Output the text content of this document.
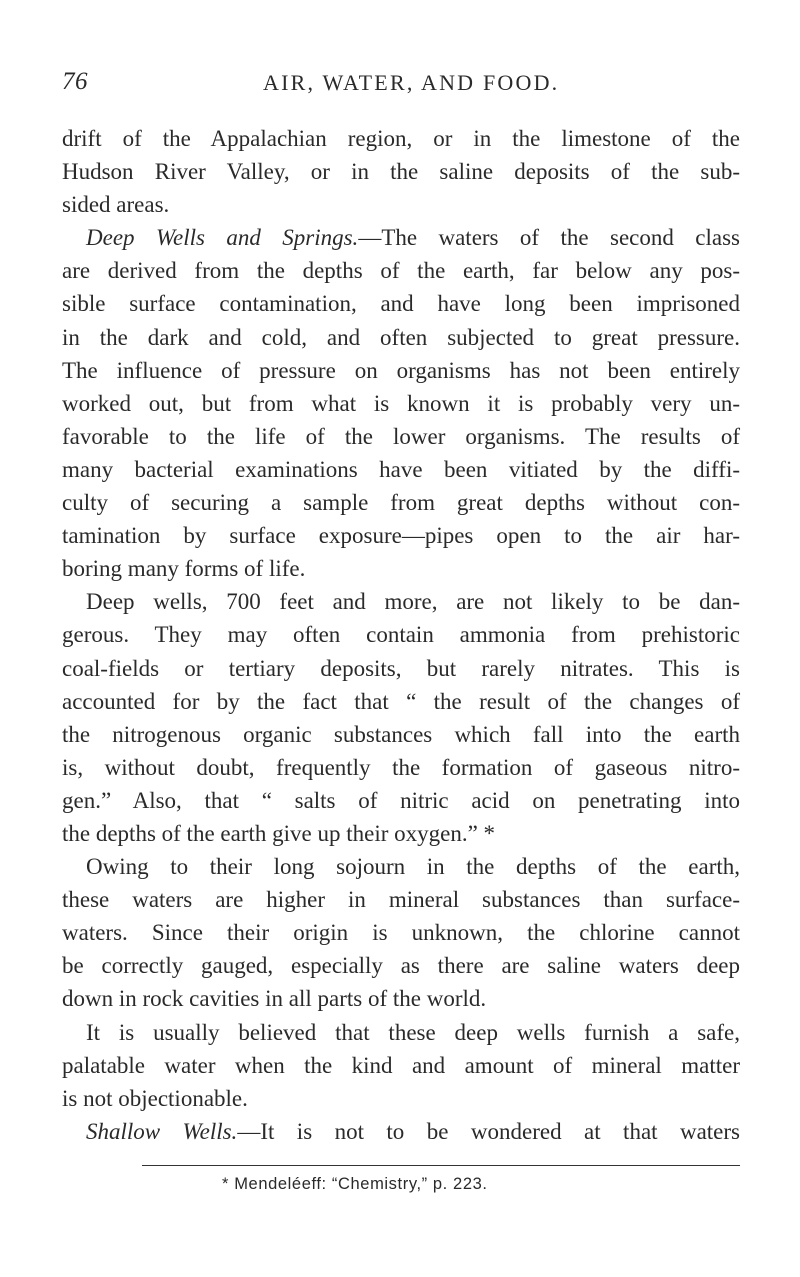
76	AIR, WATER, AND FOOD.
drift of the Appalachian region, or in the limestone of the
Hudson River Valley, or in the saline deposits of the sub-
sided areas.
Deep Wells and Springs.—The waters of the second class
are derived from the depths of the earth, far below any pos-
sible surface contamination, and have long been imprisoned
in the dark and cold, and often subjected to great pressure.
The influence of pressure on organisms has not been entirely
worked out, but from what is known it is probably very un-
favorable to the life of the lower organisms. The results of
many bacterial examinations have been vitiated by the diffi-
culty of securing a sample from great depths without con-
tamination by surface exposure—pipes open to the air har-
boring many forms of life.
Deep wells, 700 feet and more, are not likely to be dan-
gerous. They may often contain ammonia from prehistoric
coal-fields or tertiary deposits, but rarely nitrates. This is
accounted for by the fact that “ the result of the changes of
the nitrogenous organic substances which fall into the earth
is, without doubt, frequently the formation of gaseous nitro-
gen.” Also, that “ salts of nitric acid on penetrating into
the depths of the earth give up their oxygen.” *
Owing to their long sojourn in the depths of the earth,
these waters are higher in mineral substances than surface-
waters. Since their origin is unknown, the chlorine cannot
be correctly gauged, especially as there are saline waters deep
down in rock cavities in all parts of the world.
It is usually believed that these deep wells furnish a safe,
palatable water when the kind and amount of mineral matter
is not objectionable.
Shallow Wells.—It is not to be wondered at that waters
* Mendeléeff: “Chemistry,” p. 223.
